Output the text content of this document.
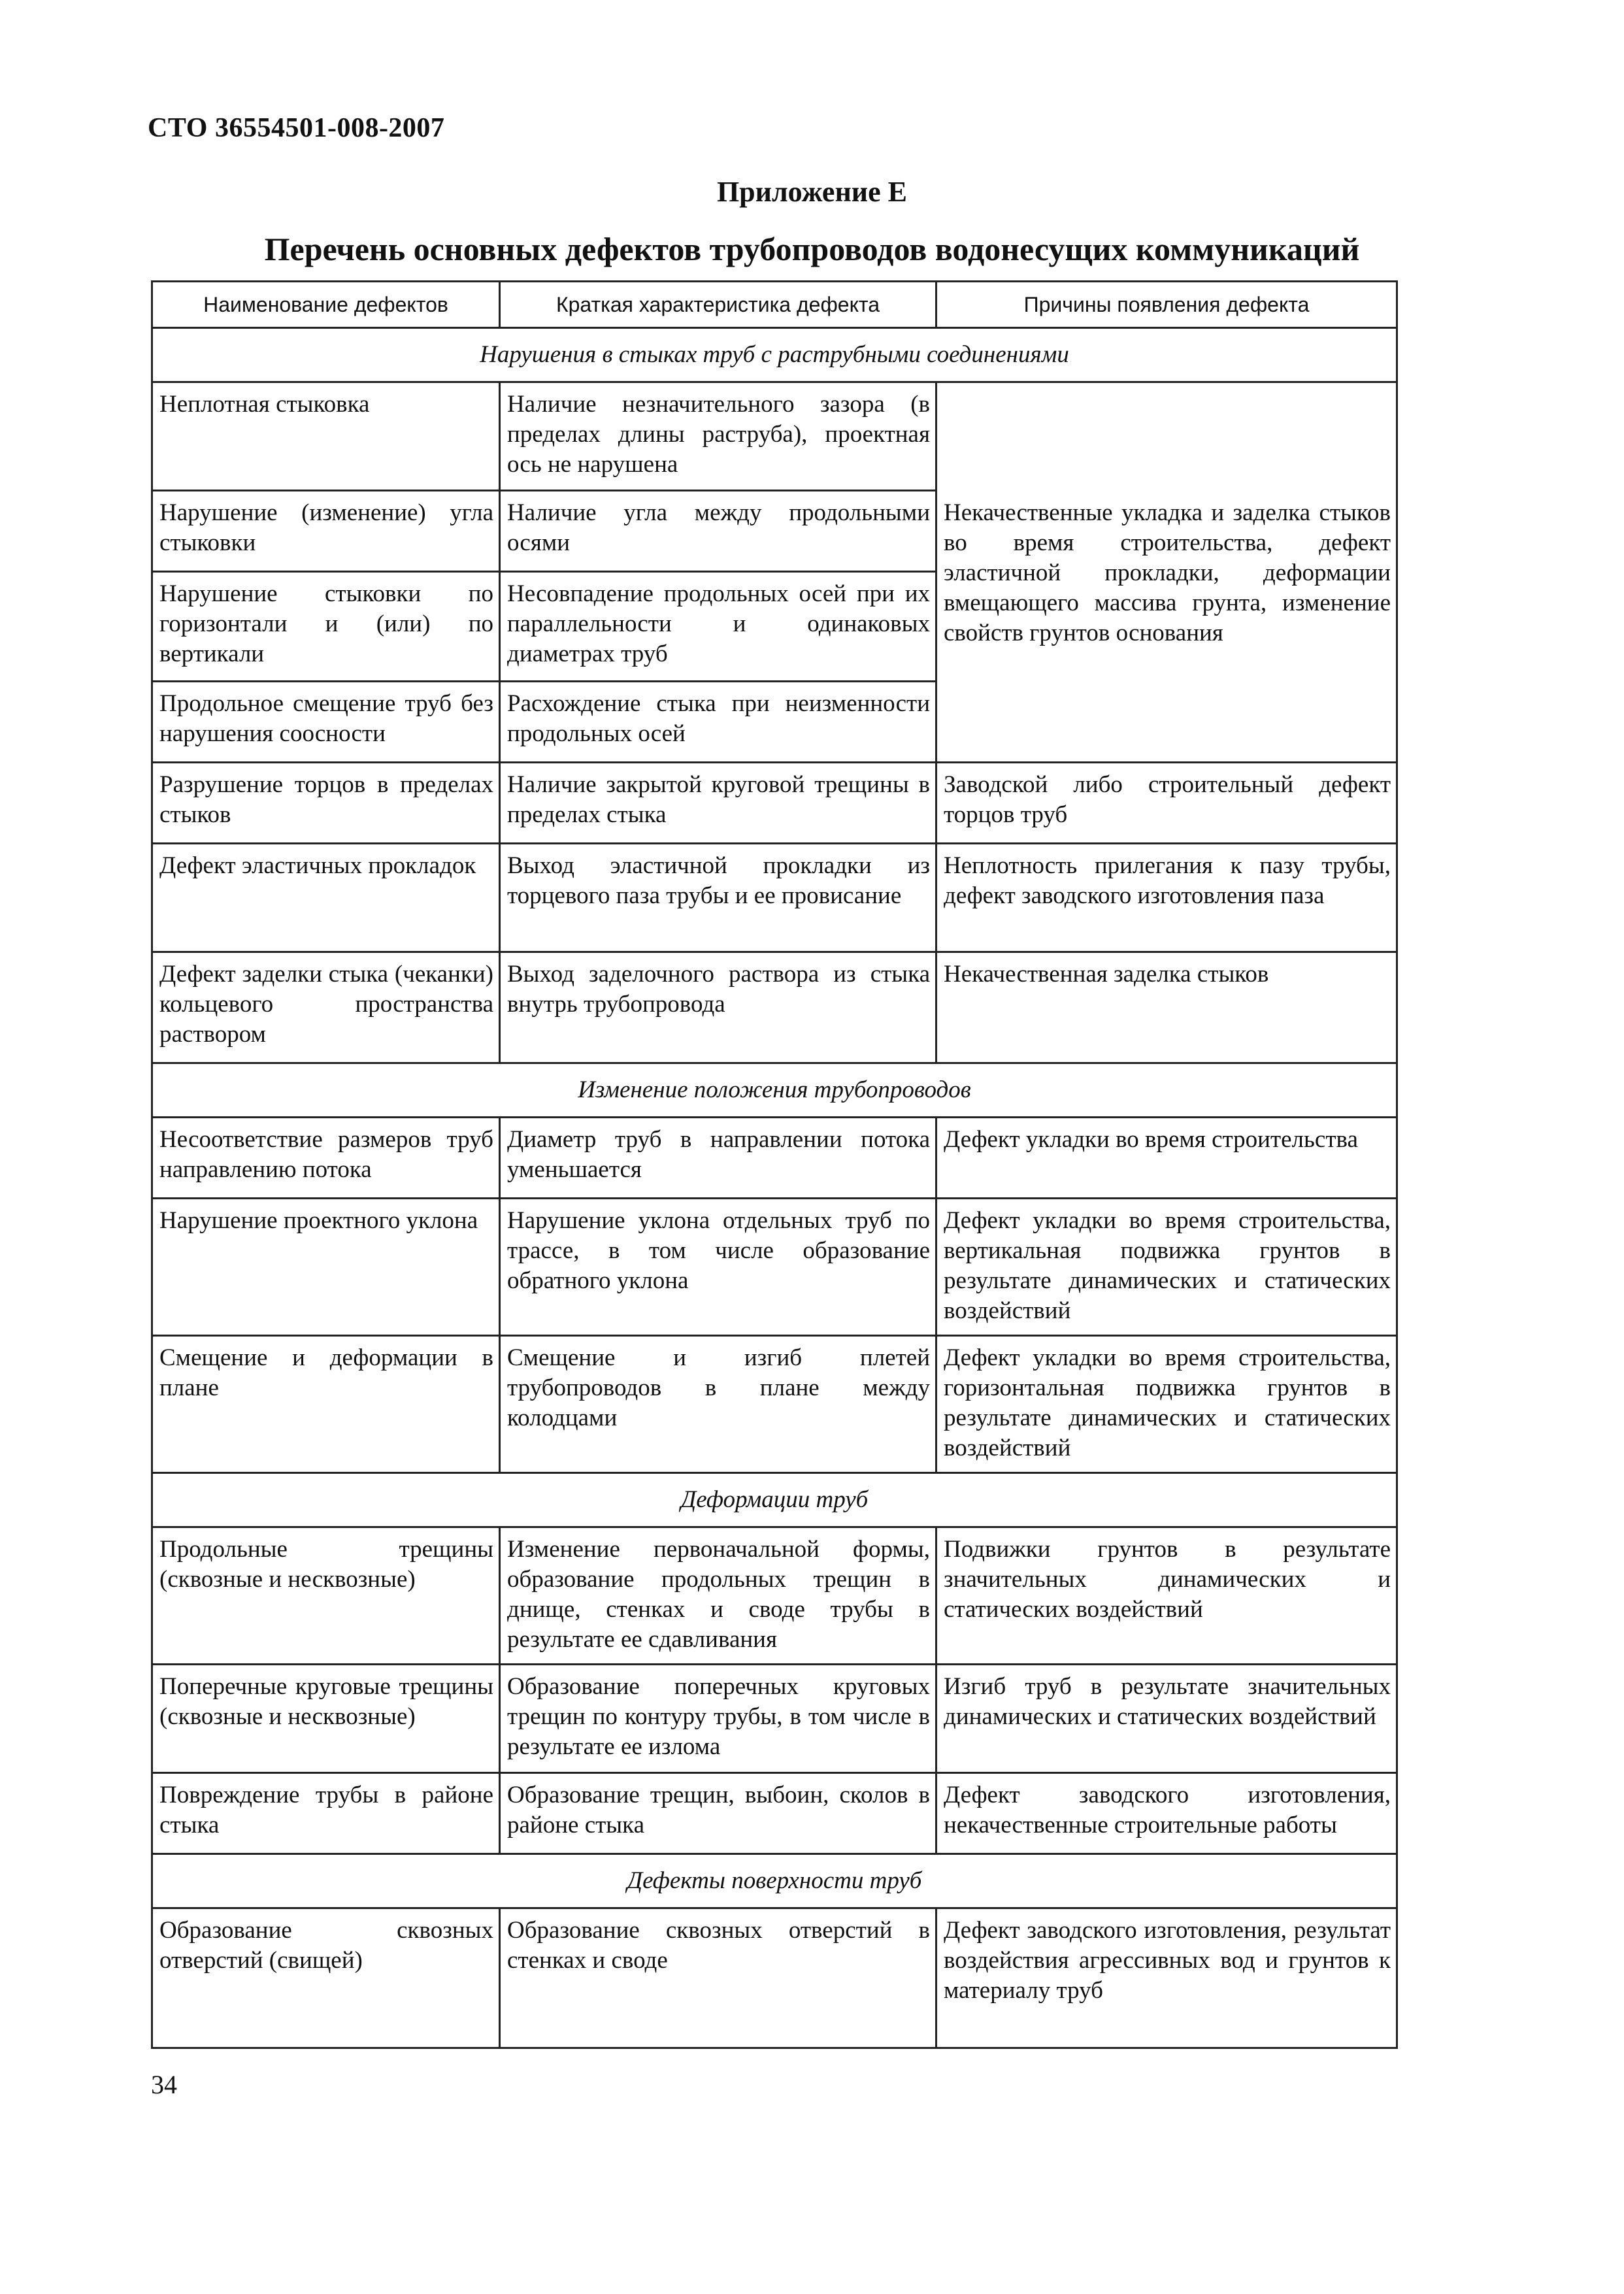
СТО 36554501-008-2007
Приложение Е
Перечень основных дефектов трубопроводов водонесущих коммуникаций
Наименование дефектов	Краткая характеристика дефекта	Причины появления дефекта
Нарушения в стыках труб с раструбными соединениями		
Неплотная стыковка	Наличие незначительного зазора (в пределах длины раструба), проектная ось не нарушена	Некачественные укладка и заделка стыков во время строительства, дефект эластичной прокладки, деформации вмещающего массива грунта, изменение свойств грунтов основания
Нарушение (изменение) угла стыковки	Наличие угла между продольными осями	
Нарушение стыковки по горизонтали и (или) по вертикали	Несовпадение продольных осей при их параллельности и одинаковых диаметрах труб	
Продольное смещение труб без нарушения соосности	Расхождение стыка при неизменности продольных осей	
Разрушение торцов в пределах стыков	Наличие закрытой круговой трещины в пределах стыка	Заводской либо строительный дефект торцов труб
Дефект эластичных прокладок	Выход эластичной прокладки из торцевого паза трубы и ее провисание	Неплотность прилегания к пазу трубы, дефект заводского изготовления паза
Дефект заделки стыка (чеканки) кольцевого пространства раствором	Выход заделочного раствора из стыка внутрь трубопровода	Некачественная заделка стыков
Изменение положения трубопроводов		
Несоответствие размеров труб направлению потока	Диаметр труб в направлении потока уменьшается	Дефект укладки во время строительства
Нарушение проектного уклона	Нарушение уклона отдельных труб по трассе, в том числе образование обратного уклона	Дефект укладки во время строительства, вертикальная подвижка грунтов в результате динамических и статических воздействий
Смещение и деформации в плане	Смещение и изгиб плетей трубопроводов в плане между колодцами	Дефект укладки во время строительства, горизонтальная подвижка грунтов в результате динамических и статических воздействий
Деформации труб		
Продольные трещины (сквозные и несквозные)	Изменение первоначальной формы, образование продольных трещин в днище, стенках и своде трубы в результате ее сдавливания	Подвижки грунтов в результате значительных динамических и статических воздействий
Поперечные круговые трещины (сквозные и несквозные)	Образование поперечных круговых трещин по контуру трубы, в том числе в результате ее излома	Изгиб труб в результате значительных динамических и статических воздействий
Повреждение трубы в районе стыка	Образование трещин, выбоин, сколов в районе стыка	Дефект заводского изготовления, некачественные строительные работы
Дефекты поверхности труб		
Образование сквозных отверстий (свищей)	Образование сквозных отверстий в стенках и своде	Дефект заводского изготовления, результат воздействия агрессивных вод и грунтов к материалу труб
34
